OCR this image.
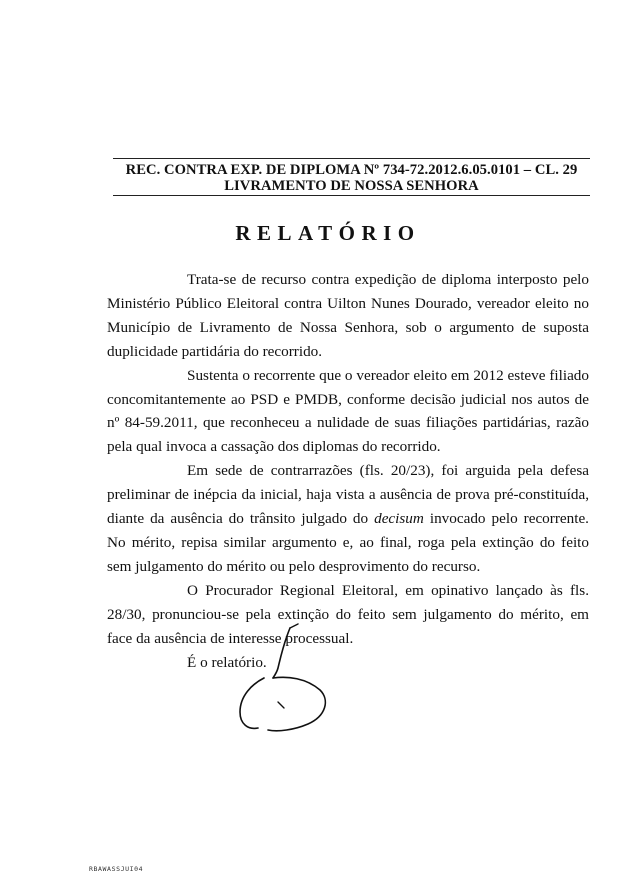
REC. CONTRA EXP. DE DIPLOMA Nº 734-72.2012.6.05.0101 – CL. 29
LIVRAMENTO DE NOSSA SENHORA
RELATÓRIO

Trata-se de recurso contra expedição de diploma interposto pelo Ministério Público Eleitoral contra Uilton Nunes Dourado, vereador eleito no Município de Livramento de Nossa Senhora, sob o argumento de suposta duplicidade partidária do recorrido.

Sustenta o recorrente que o vereador eleito em 2012 esteve filiado concomitantemente ao PSD e PMDB, conforme decisão judicial nos autos de nº 84-59.2011, que reconheceu a nulidade de suas filiações partidárias, razão pela qual invoca a cassação dos diplomas do recorrido.

Em sede de contrarrazões (fls. 20/23), foi arguida pela defesa preliminar de inépcia da inicial, haja vista a ausência de prova pré-constituída, diante da ausência do trânsito julgado do decisum invocado pelo recorrente. No mérito, repisa similar argumento e, ao final, roga pela extinção do feito sem julgamento do mérito ou pelo desprovimento do recurso.

O Procurador Regional Eleitoral, em opinativo lançado às fls. 28/30, pronunciou-se pela extinção do feito sem julgamento do mérito, em face da ausência de interesse processual.

É o relatório.

RBAWASSJUI04
